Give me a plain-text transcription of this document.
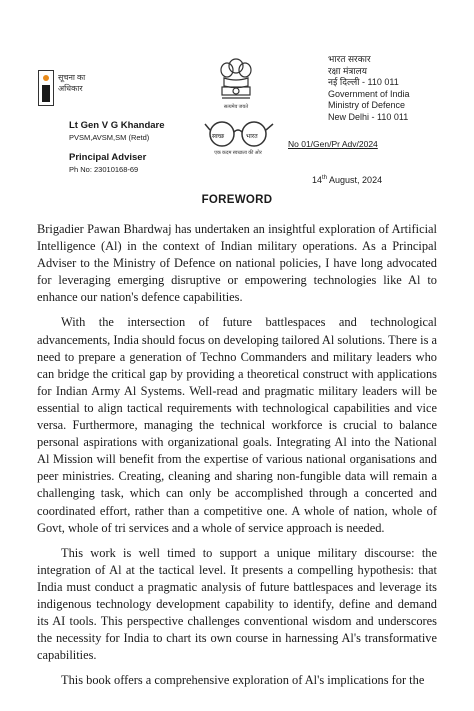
सूचना का
अधिकार
सत्यमेव जयते
स्वच्छ	भारत
एक कदम स्वच्छता की ओर
भारत सरकार
रक्षा मंत्रालय
नई दिल्ली - 110 011
Government of India
Ministry of Defence
New Delhi - 110 011
Lt Gen V G Khandare
PVSM,AVSM,SM (Retd)
Principal Adviser
Ph No: 23010168-69
No 01/Gen/Pr Adv/2024
14th August, 2024
FOREWORD

Brigadier Pawan Bhardwaj has undertaken an insightful exploration of Artificial Intelligence (Al) in the context of Indian military operations. As a Principal Adviser to the Ministry of Defence on national policies, I have long advocated for leveraging emerging disruptive or empowering technologies like Al to enhance our nation's defence capabilities.

With the intersection of future battlespaces and technological advancements, India should focus on developing tailored Al solutions. There is a need to prepare a generation of Techno Commanders and military leaders who can bridge the critical gap by providing a theoretical construct with applications for Indian Army Al Systems. Well-read and pragmatic military leaders will be essential to align tactical requirements with technological capabilities and vice versa. Furthermore, managing the technical workforce is crucial to balance personal aspirations with organizational goals. Integrating Al into the National Al Mission will benefit from the expertise of various national organisations and peer ministries. Creating, cleaning and sharing non-fungible data will remain a challenging task, which can only be accomplished through a concerted and coordinated effort, rather than a competitive one. A whole of nation, whole of Govt, whole of tri services and a whole of service approach is needed.

This work is well timed to support a unique military discourse: the integration of Al at the tactical level. It presents a compelling hypothesis: that India must conduct a pragmatic analysis of future battlespaces and leverage its indigenous technology development capability to identify, define and demand its AI tools. This perspective challenges conventional wisdom and underscores the necessity for India to chart its own course in harnessing Al's transformative capabilities.

This book offers a comprehensive exploration of Al's implications for the
